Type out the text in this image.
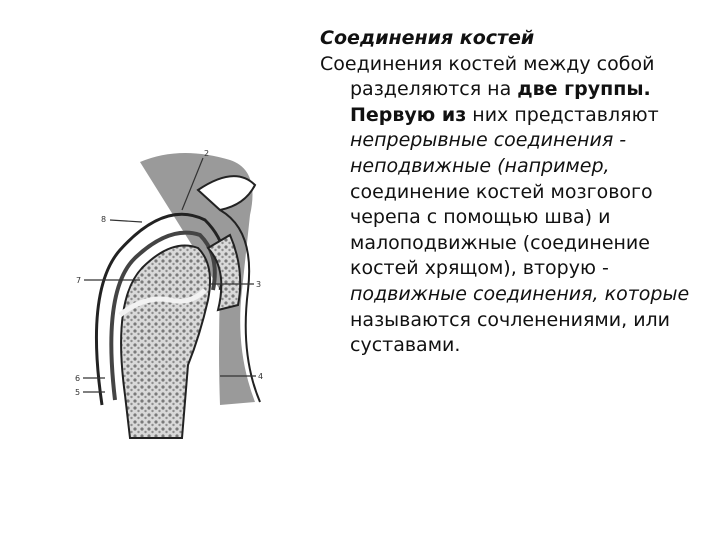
2
8
7	3
6
5
4

Соединения костей

Соединения костей между собой разделяются на две группы. Первую из них представляют непрерывные соединения - неподвижные (например, соединение костей мозгового черепа с помощью шва) и малоподвижные (соединение костей хрящом), вторую - подвижные соединения, которые называются сочленениями, или суставами.
